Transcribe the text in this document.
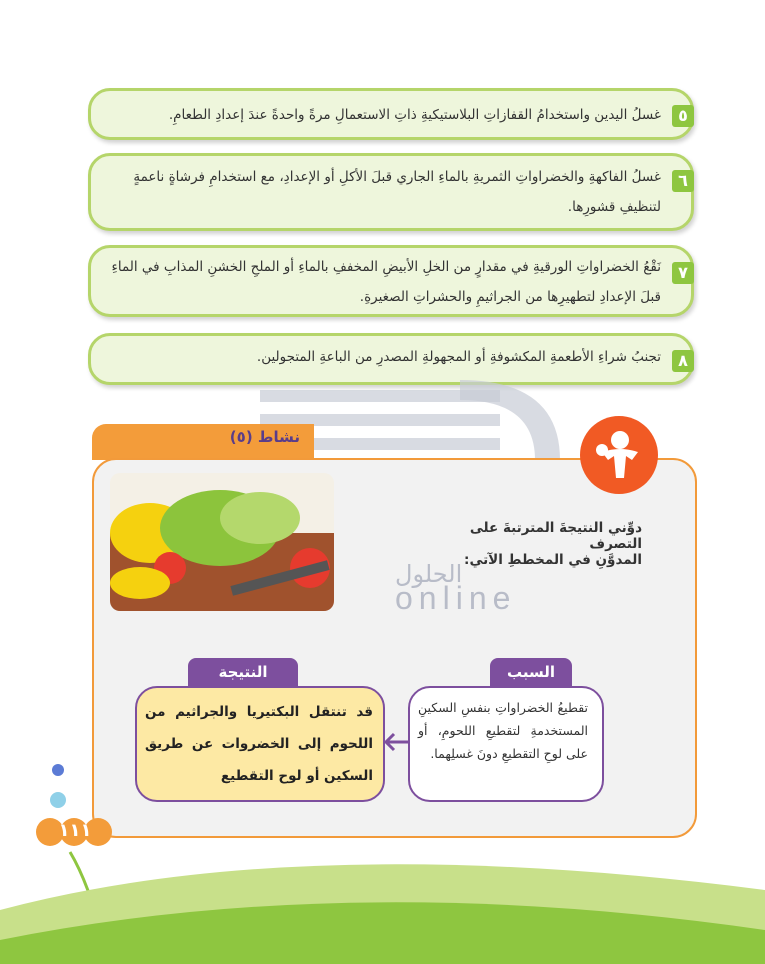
٥
غسلُ اليدين واستخدامُ القفازاتِ البلاستيكيةِ ذاتِ الاستعمالِ مرةً واحدةً عندَ إعدادِ الطعامِ.
٦
غسلُ الفاكهةِ والخضراواتِ الثمريةِ بالماءِ الجاري قبلَ الأكلِ أو الإعدادِ، مع استخدامِ فرشاةٍ ناعمةٍ لتنظيفِ قشورِها.
٧
نَقْعُ الخضراواتِ الورقيةِ في مقدارٍ من الخلِ الأبيضِ المخففِ بالماءِ أو الملحِ الخشنِ المذابِ في الماءِ قبلَ الإعدادِ لتطهيرِها من الجراثيمِ والحشراتِ الصغيرةِ.
٨
تجنبُ شراءِ الأطعمةِ المكشوفةِ أو المجهولةِ المصدرِ من الباعةِ المتجولين.
نشاط (٥)
الحلول
online
دوِّني النتيجةَ المترتبةَ على التصرف
المدوَّنِ في المخططِ الآتي:
السبب
تقطيعُ الخضراواتِ بنفسِ السكينِ المستخدمةِ لتقطيعِ اللحومِ، أو على لوحِ التقطيعِ دونَ غسلِهما.
النتيجة
قد تنتقل البكتيريا والجراثيم من اللحوم إلى الخضروات عن طريق السكين أو لوح التقطيع
١١١
